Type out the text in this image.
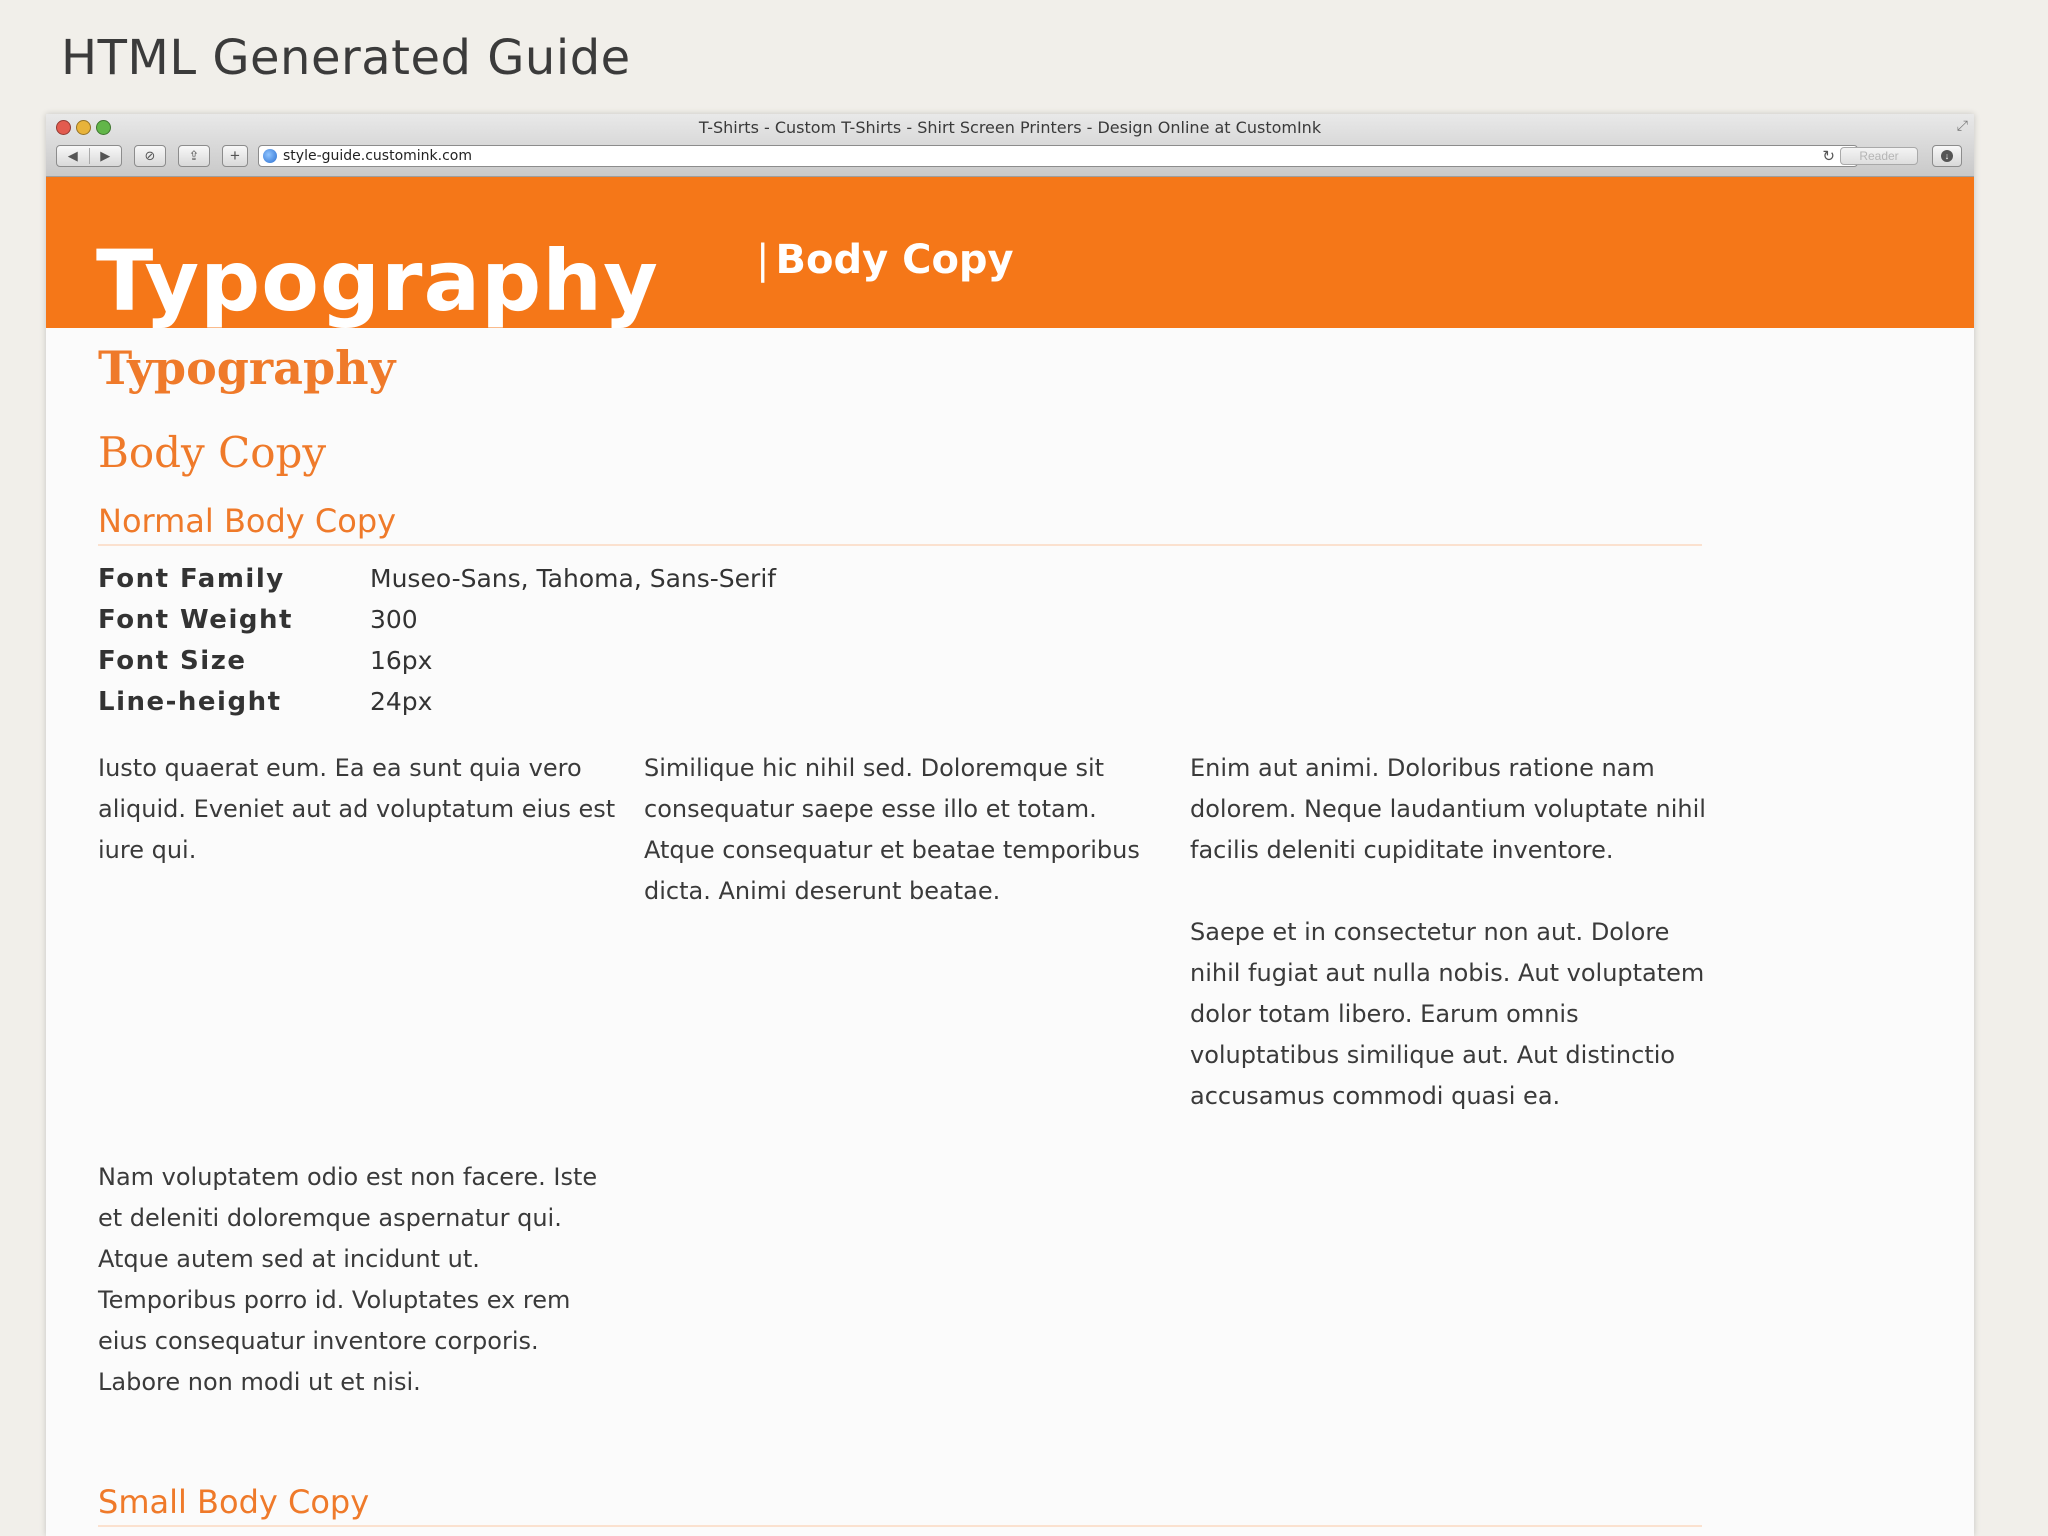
HTML Generated Guide
T-Shirts - Custom T-Shirts - Shirt Screen Printers - Design Online at CustomInk	⤢
◀	▶	⊘	⇪	+	style-guide.customink.com	↻	Reader	↓
Typography | Body Copy
Typography
Body Copy
Normal Body Copy
Font Family	Museo-Sans, Tahoma, Sans-Serif
Font Weight	300
Font Size	16px
Line-height	24px

Iusto quaerat eum. Ea ea sunt quia vero aliquid. Eveniet aut ad voluptatum eius est iure qui.

Similique hic nihil sed. Doloremque sit consequatur saepe esse illo et totam. Atque consequatur et beatae temporibus dicta. Animi deserunt beatae.

Enim aut animi. Doloribus ratione nam dolorem. Neque laudantium voluptate nihil facilis deleniti cupiditate inventore.

Saepe et in consectetur non aut. Dolore nihil fugiat aut nulla nobis. Aut voluptatem dolor totam libero. Earum omnis voluptatibus similique aut. Aut distinctio accusamus commodi quasi ea.

Nam voluptatem odio est non facere. Iste et deleniti doloremque aspernatur qui. Atque autem sed at incidunt ut. Temporibus porro id. Voluptates ex rem eius consequatur inventore corporis. Labore non modi ut et nisi.

Small Body Copy
